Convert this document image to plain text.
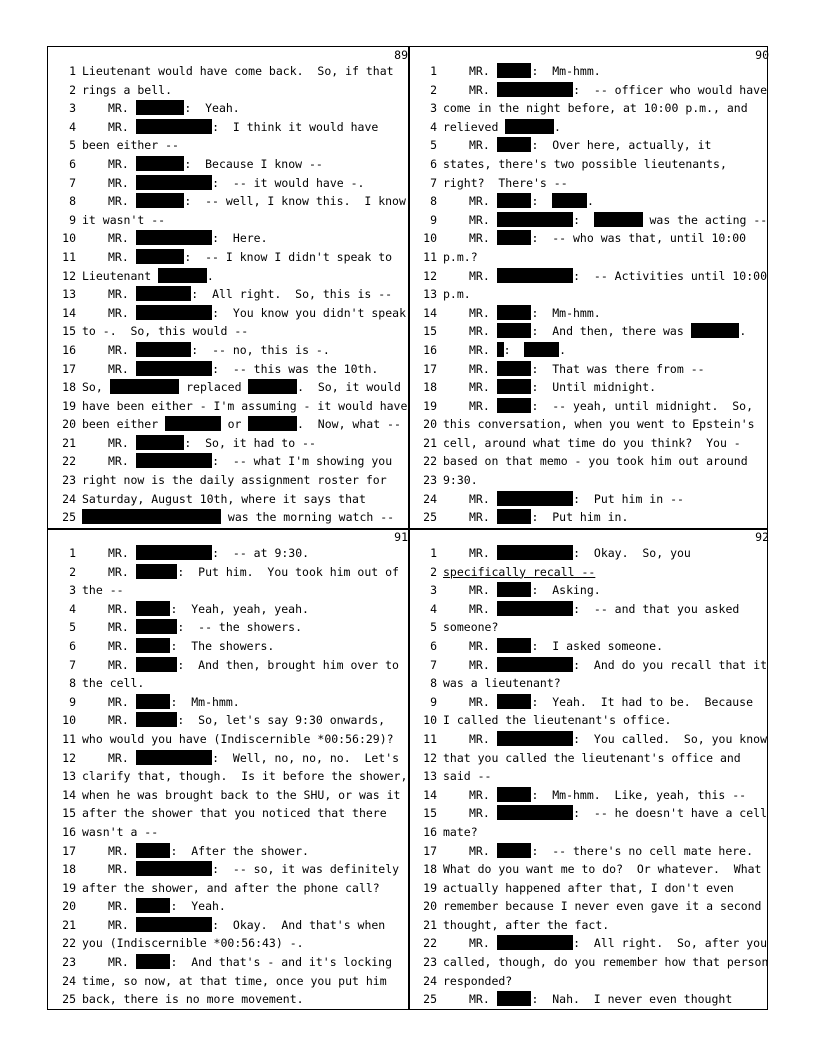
89
1 Lieutenant would have come back.  So, if that
2 rings a bell.
3	MR.	:  Yeah.
4	MR.	:  I think it would have
5 been either --
6	MR.	:  Because I know --
7	MR.	:  -- it would have -.
8	MR.	:  -- well, I know this.  I know
9 it wasn't --
10	MR.	:  Here.
11	MR.	:  -- I know I didn't speak to
12 Lieutenant	.
13	MR.	:  All right.  So, this is --
14	MR.	:  You know you didn't speak
15 to -.  So, this would --
16	MR.	:  -- no, this is -.
17	MR.	:  -- this was the 10th.
18 So,	replaced	.  So, it would
19 have been either - I'm assuming - it would have
20 been either	or	.  Now, what --
21	MR.	:  So, it had to --
22	MR.	:  -- what I'm showing you
23 right now is the daily assignment roster for
24 Saturday, August 10th, where it says that
25	was the morning watch --
90
1	MR.	:  Mm-hmm.
2	MR.	:  -- officer who would have
3 come in the night before, at 10:00 p.m., and
4 relieved	.
5	MR.	:  Over here, actually, it
6 states, there's two possible lieutenants,
7 right?  There's --
8	MR.	:	.
9	MR.	:	was the acting --
10	MR.	:  -- who was that, until 10:00
11 p.m.?
12	MR.	:  -- Activities until 10:00
13 p.m.
14	MR.	:  Mm-hmm.
15	MR.	:  And then, there was	.
16	MR. :	.
17	MR.	:  That was there from --
18	MR.	:  Until midnight.
19	MR.	:  -- yeah, until midnight.  So,
20 this conversation, when you went to Epstein's
21 cell, around what time do you think?  You -
22 based on that memo - you took him out around
23 9:30.
24	MR.	:  Put him in --
25	MR.	:  Put him in.
91
1	MR.	:  -- at 9:30.
2	MR.	:  Put him.  You took him out of
3 the --
4	MR.	:  Yeah, yeah, yeah.
5	MR.	:  -- the showers.
6	MR.	:  The showers.
7	MR.	:  And then, brought him over to
8 the cell.
9	MR.	:  Mm-hmm.
10	MR.	:  So, let's say 9:30 onwards,
11 who would you have (Indiscernible *00:56:29)?
12	MR.	:  Well, no, no, no.  Let's
13 clarify that, though.  Is it before the shower,
14 when he was brought back to the SHU, or was it
15 after the shower that you noticed that there
16 wasn't a --
17	MR.	:  After the shower.
18	MR.	:  -- so, it was definitely
19 after the shower, and after the phone call?
20	MR.	:  Yeah.
21	MR.	:  Okay.  And that's when
22 you (Indiscernible *00:56:43) -.
23	MR.	:  And that's - and it's locking
24 time, so now, at that time, once you put him
25 back, there is no more movement.
92
1	MR.	:  Okay.  So, you
2 specifically recall --
3	MR.	:  Asking.
4	MR.	:  -- and that you asked
5 someone?
6	MR.	:  I asked someone.
7	MR.	:  And do you recall that it
8 was a lieutenant?
9	MR.	:  Yeah.  It had to be.  Because
10 I called the lieutenant's office.
11	MR.	:  You called.  So, you know
12 that you called the lieutenant's office and
13 said --
14	MR.	:  Mm-hmm.  Like, yeah, this --
15	MR.	:  -- he doesn't have a cell
16 mate?
17	MR.	:  -- there's no cell mate here.
18 What do you want me to do?  Or whatever.  What
19 actually happened after that, I don't even
20 remember because I never even gave it a second
21 thought, after the fact.
22	MR.	:  All right.  So, after you
23 called, though, do you remember how that person
24 responded?
25	MR.	:  Nah.  I never even thought
